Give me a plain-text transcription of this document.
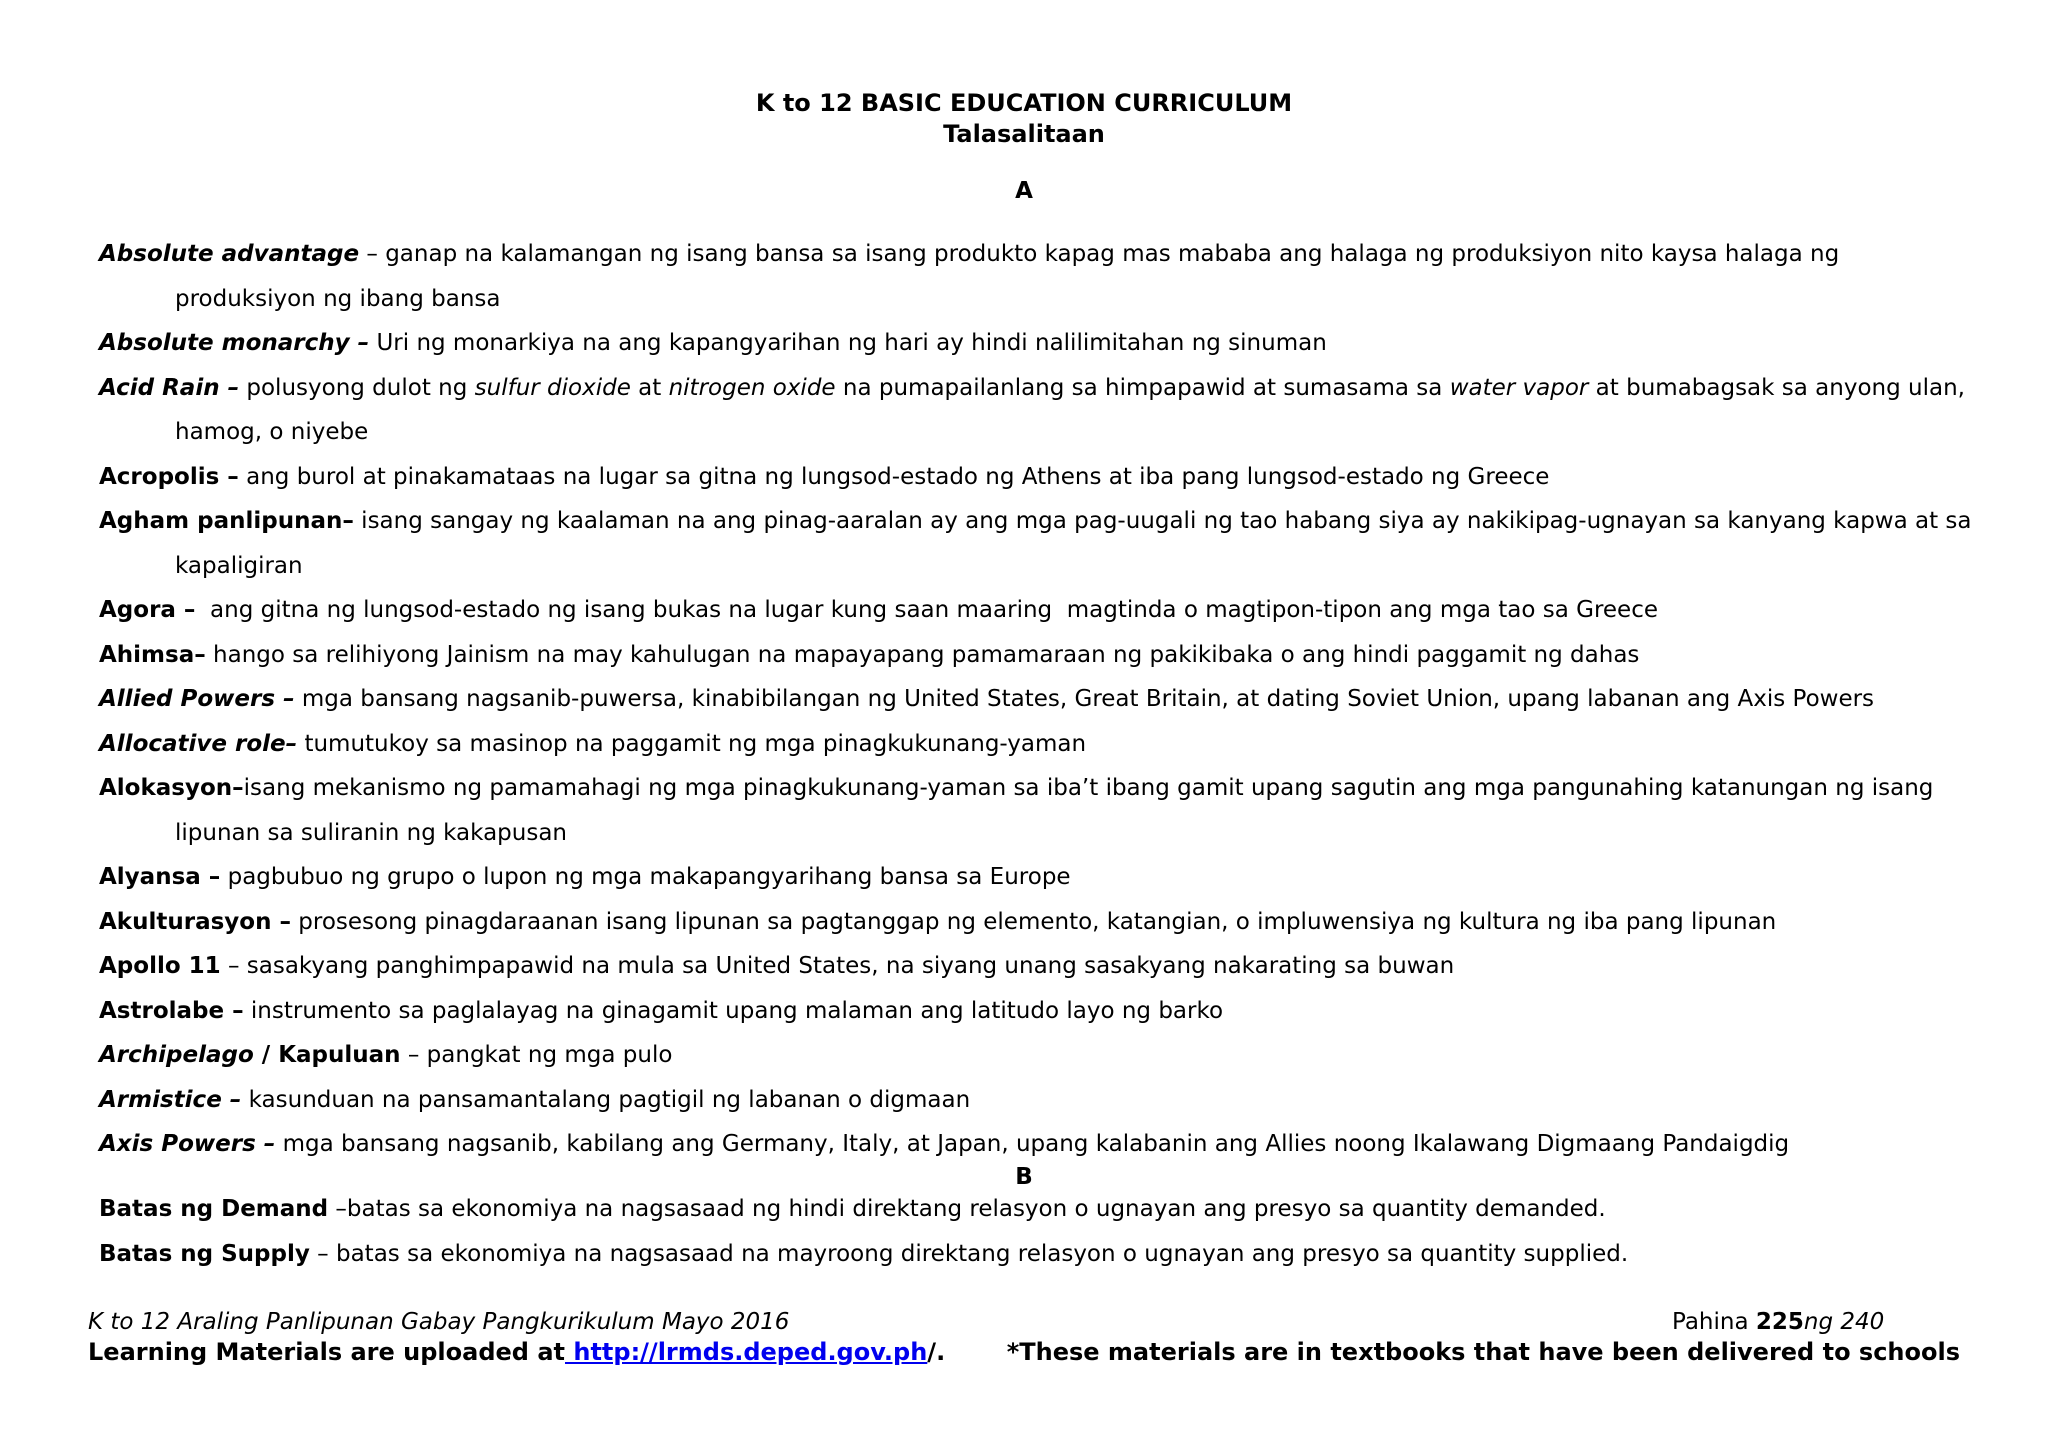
K to 12 BASIC EDUCATION CURRICULUM
Talasalitaan
A
Absolute advantage – ganap na kalamangan ng isang bansa sa isang produkto kapag mas mababa ang halaga ng produksiyon nito kaysa halaga ng produksiyon ng ibang bansa
Absolute monarchy – Uri ng monarkiya na ang kapangyarihan ng hari ay hindi nalilimitahan ng sinuman
Acid Rain – polusyong dulot ng sulfur dioxide at nitrogen oxide na pumapailanlang sa himpapawid at sumasama sa water vapor at bumabagsak sa anyong ulan, hamog, o niyebe
Acropolis – ang burol at pinakamataas na lugar sa gitna ng lungsod-estado ng Athens at iba pang lungsod-estado ng Greece
Agham panlipunan– isang sangay ng kaalaman na ang pinag-aaralan ay ang mga pag-uugali ng tao habang siya ay nakikipag-ugnayan sa kanyang kapwa at sa kapaligiran
Agora –  ang gitna ng lungsod-estado ng isang bukas na lugar kung saan maaring  magtinda o magtipon-tipon ang mga tao sa Greece
Ahimsa– hango sa relihiyong Jainism na may kahulugan na mapayapang pamamaraan ng pakikibaka o ang hindi paggamit ng dahas
Allied Powers – mga bansang nagsanib-puwersa, kinabibilangan ng United States, Great Britain, at dating Soviet Union, upang labanan ang Axis Powers
Allocative role– tumutukoy sa masinop na paggamit ng mga pinagkukunang-yaman
Alokasyon–isang mekanismo ng pamamahagi ng mga pinagkukunang-yaman sa iba’t ibang gamit upang sagutin ang mga pangunahing katanungan ng isang lipunan sa suliranin ng kakapusan
Alyansa – pagbubuo ng grupo o lupon ng mga makapangyarihang bansa sa Europe
Akulturasyon – prosesong pinagdaraanan isang lipunan sa pagtanggap ng elemento, katangian, o impluwensiya ng kultura ng iba pang lipunan
Apollo 11 – sasakyang panghimpapawid na mula sa United States, na siyang unang sasakyang nakarating sa buwan
Astrolabe – instrumento sa paglalayag na ginagamit upang malaman ang latitudo layo ng barko
Archipelago / Kapuluan – pangkat ng mga pulo
Armistice – kasunduan na pansamantalang pagtigil ng labanan o digmaan
Axis Powers – mga bansang nagsanib, kabilang ang Germany, Italy, at Japan, upang kalabanin ang Allies noong Ikalawang Digmaang Pandaigdig
B
Batas ng Demand –batas sa ekonomiya na nagsasaad ng hindi direktang relasyon o ugnayan ang presyo sa quantity demanded.
Batas ng Supply – batas sa ekonomiya na nagsasaad na mayroong direktang relasyon o ugnayan ang presyo sa quantity supplied.
K to 12 Araling Panlipunan Gabay Pangkurikulum Mayo 2016	Pahina 225ng 240
Learning Materials are uploaded at http://lrmds.deped.gov.ph/.	*These materials are in textbooks that have been delivered to schools
